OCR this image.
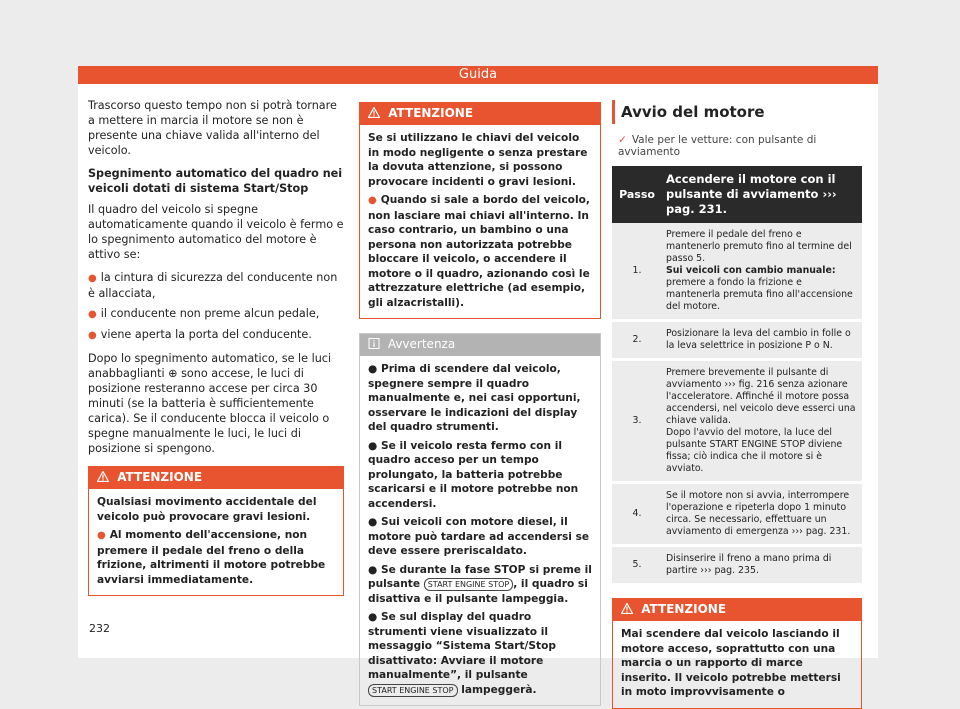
Guida

Trascorso questo tempo non si potrà tornare a mettere in marcia il motore se non è presente una chiave valida all'interno del veicolo.

Spegnimento automatico del quadro nei veicoli dotati di sistema Start/Stop

Il quadro del veicolo si spegne automaticamente quando il veicolo è fermo e lo spegnimento automatico del motore è attivo se:

● la cintura di sicurezza del conducente non è allacciata,
● il conducente non preme alcun pedale,
● viene aperta la porta del conducente.

Dopo lo spegnimento automatico, se le luci anabbaglianti ⊕ sono accese, le luci di posizione resteranno accese per circa 30 minuti (se la batteria è sufficientemente carica). Se il conducente blocca il veicolo o spegne manualmente le luci, le luci di posizione si spengono.

ATTENZIONE

Qualsiasi movimento accidentale del veicolo può provocare gravi lesioni.

● Al momento dell'accensione, non premere il pedale del freno o della frizione, altrimenti il motore potrebbe avviarsi immediatamente.

ATTENZIONE

Se si utilizzano le chiavi del veicolo in modo negligente o senza prestare la dovuta attenzione, si possono provocare incidenti o gravi lesioni.

● Quando si sale a bordo del veicolo, non lasciare mai chiavi all'interno. In caso contrario, un bambino o una persona non autorizzata potrebbe bloccare il veicolo, o accendere il motore o il quadro, azionando così le attrezzature elettriche (ad esempio, gli alzacristalli).

Avvertenza

● Prima di scendere dal veicolo, spegnere sempre il quadro manualmente e, nei casi opportuni, osservare le indicazioni del display del quadro strumenti.

● Se il veicolo resta fermo con il quadro acceso per un tempo prolungato, la batteria potrebbe scaricarsi e il motore potrebbe non accendersi.

● Sui veicoli con motore diesel, il motore può tardare ad accendersi se deve essere preriscaldato.

● Se durante la fase STOP si preme il pulsante START ENGINE STOP , il quadro si disattiva e il pulsante lampeggia.

● Se sul display del quadro strumenti viene visualizzato il messaggio “Sistema Start/Stop disattivato: Avviare il motore manualmente”, il pulsante START ENGINE STOP lampeggerà.

Avvio del motore
✓ Vale per le vetture: con pulsante di avviamento
Passo	Accendere il motore con il pulsante di avviamento ››› pag. 231.
1.	Premere il pedale del freno e mantenerlo premuto fino al termine del passo 5.
Sui veicoli con cambio manuale: premere a fondo la frizione e mantenerla premuta fino all'accensione del motore.
2.	Posizionare la leva del cambio in folle o la leva selettrice in posizione P o N.
3.	Premere brevemente il pulsante di avviamento ››› fig. 216 senza azionare l'acceleratore. Affinché il motore possa accendersi, nel veicolo deve esserci una chiave valida.
Dopo l'avvio del motore, la luce del pulsante START ENGINE STOP diviene fissa; ciò indica che il motore si è avviato.
4.	Se il motore non si avvia, interrompere l'operazione e ripeterla dopo 1 minuto circa. Se necessario, effettuare un avviamento di emergenza ››› pag. 231.
5.	Disinserire il freno a mano prima di partire ››› pag. 235.
ATTENZIONE

Mai scendere dal veicolo lasciando il motore acceso, soprattutto con una marcia o un rapporto di marce inserito. Il veicolo potrebbe mettersi in moto improvvisamente o

232
